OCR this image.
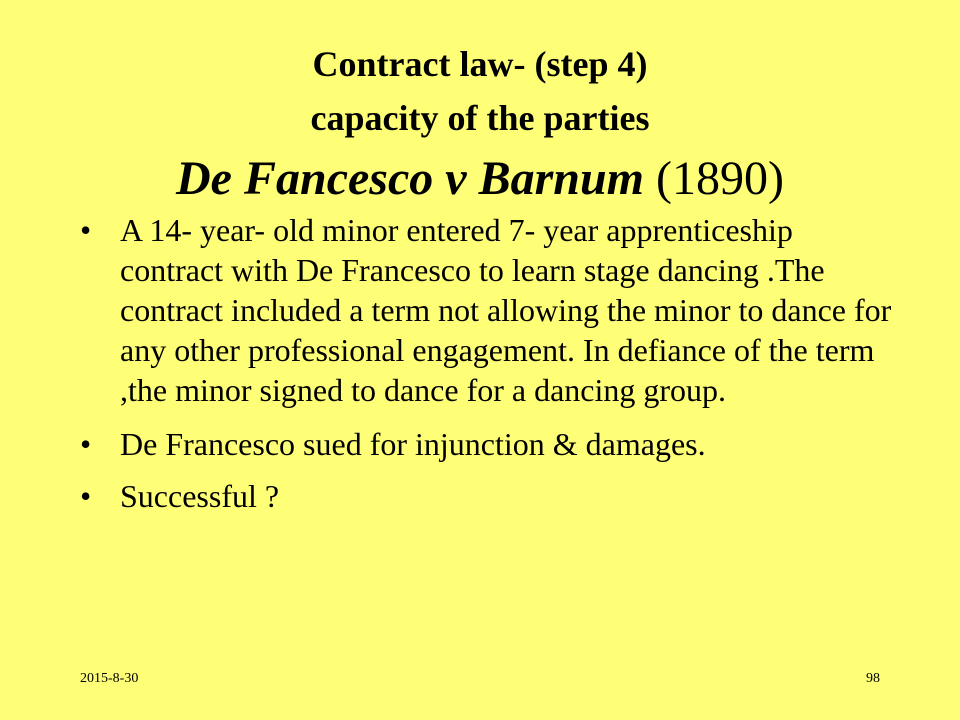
Contract law- (step 4)
capacity of the parties
De Fancesco v Barnum (1890)
• A 14- year- old minor entered 7- year apprenticeship contract with De Francesco to learn stage dancing .The contract included a term not allowing the minor to dance for any other professional engagement. In defiance of the term ,the minor signed to dance for a dancing group.
• De Francesco sued for injunction & damages.
• Successful ?
2015-8-30	98
